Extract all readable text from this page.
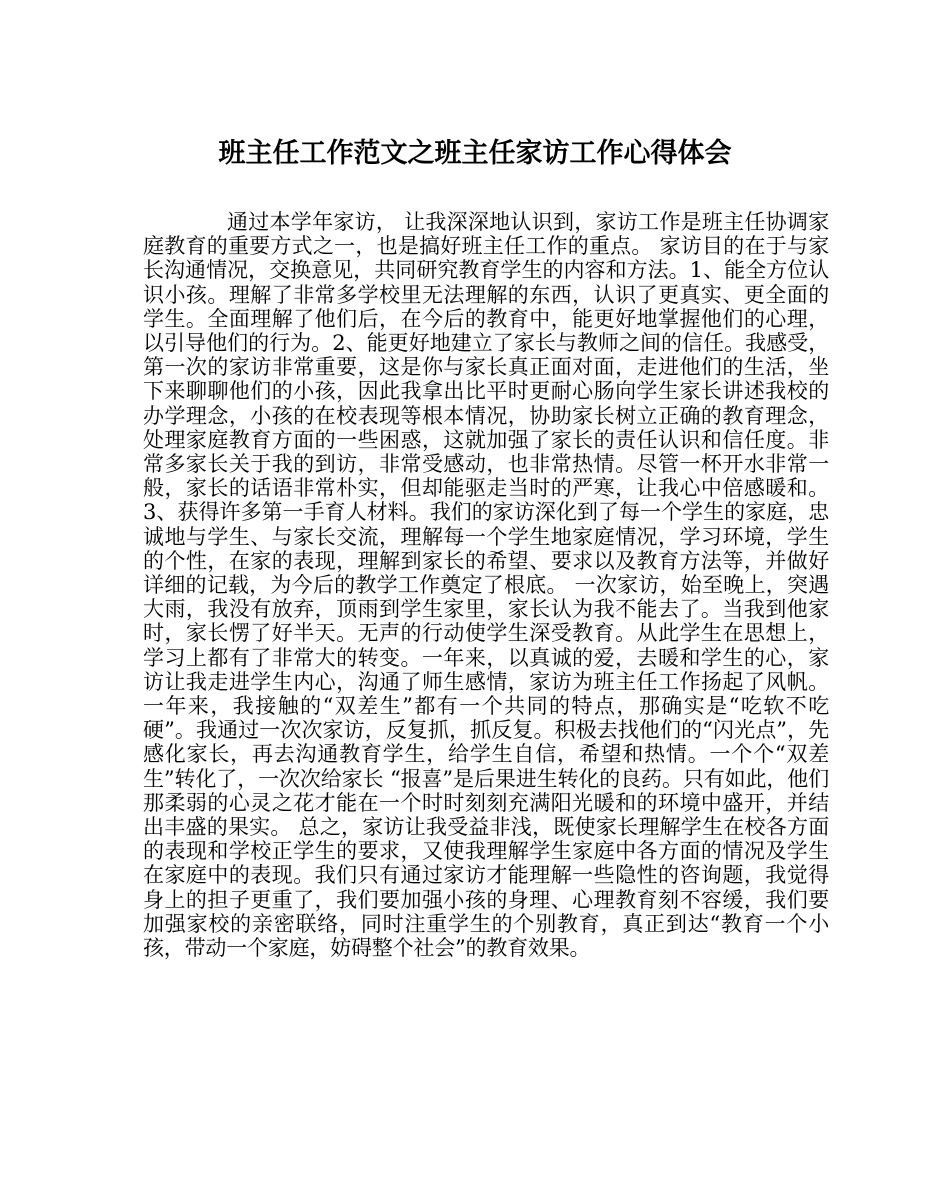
班主任工作范文之班主任家访工作心得体会

通过本学年家访， 让我深深地认识到，家访工作是班主任协调家庭教育的重要方式之一，也是搞好班主任工作的重点。 家访目的在于与家长沟通情况，交换意见，共同研究教育学生的内容和方法。1、能全方位认识小孩。理解了非常多学校里无法理解的东西，认识了更真实、更全面的学生。全面理解了他们后，在今后的教育中，能更好地掌握他们的心理，以引导他们的行为。2、能更好地建立了家长与教师之间的信任。我感受，第一次的家访非常重要，这是你与家长真正面对面，走进他们的生活，坐下来聊聊他们的小孩，因此我拿出比平时更耐心肠向学生家长讲述我校的办学理念，小孩的在校表现等根本情况，协助家长树立正确的教育理念，处理家庭教育方面的一些困惑，这就加强了家长的责任认识和信任度。非常多家长关于我的到访，非常受感动，也非常热情。尽管一杯开水非常一般，家长的话语非常朴实，但却能驱走当时的严寒，让我心中倍感暖和。3、获得许多第一手育人材料。我们的家访深化到了每一个学生的家庭，忠诚地与学生、与家长交流，理解每一个学生地家庭情况，学习环境，学生的个性，在家的表现，理解到家长的希望、要求以及教育方法等，并做好详细的记载，为今后的教学工作奠定了根底。 一次家访，始至晚上，突遇大雨，我没有放弃，顶雨到学生家里，家长认为我不能去了。当我到他家时，家长愣了好半天。无声的行动使学生深受教育。从此学生在思想上，学习上都有了非常大的转变。一年来，以真诚的爱，去暖和学生的心，家访让我走进学生内心，沟通了师生感情，家访为班主任工作扬起了风帆。 一年来，我接触的“双差生”都有一个共同的特点，那确实是“吃软不吃硬”。我通过一次次家访，反复抓，抓反复。积极去找他们的“闪光点”，先感化家长，再去沟通教育学生，给学生自信，希望和热情。一个个“双差生”转化了，一次次给家长 “报喜”是后果进生转化的良药。只有如此，他们那柔弱的心灵之花才能在一个时时刻刻充满阳光暖和的环境中盛开，并结出丰盛的果实。 总之，家访让我受益非浅，既使家长理解学生在校各方面的表现和学校正学生的要求，又使我理解学生家庭中各方面的情况及学生在家庭中的表现。我们只有通过家访才能理解一些隐性的咨询题，我觉得身上的担子更重了，我们要加强小孩的身理、心理教育刻不容缓，我们要加强家校的亲密联络，同时注重学生的个别教育，真正到达“教育一个小孩，带动一个家庭，妨碍整个社会”的教育效果。
